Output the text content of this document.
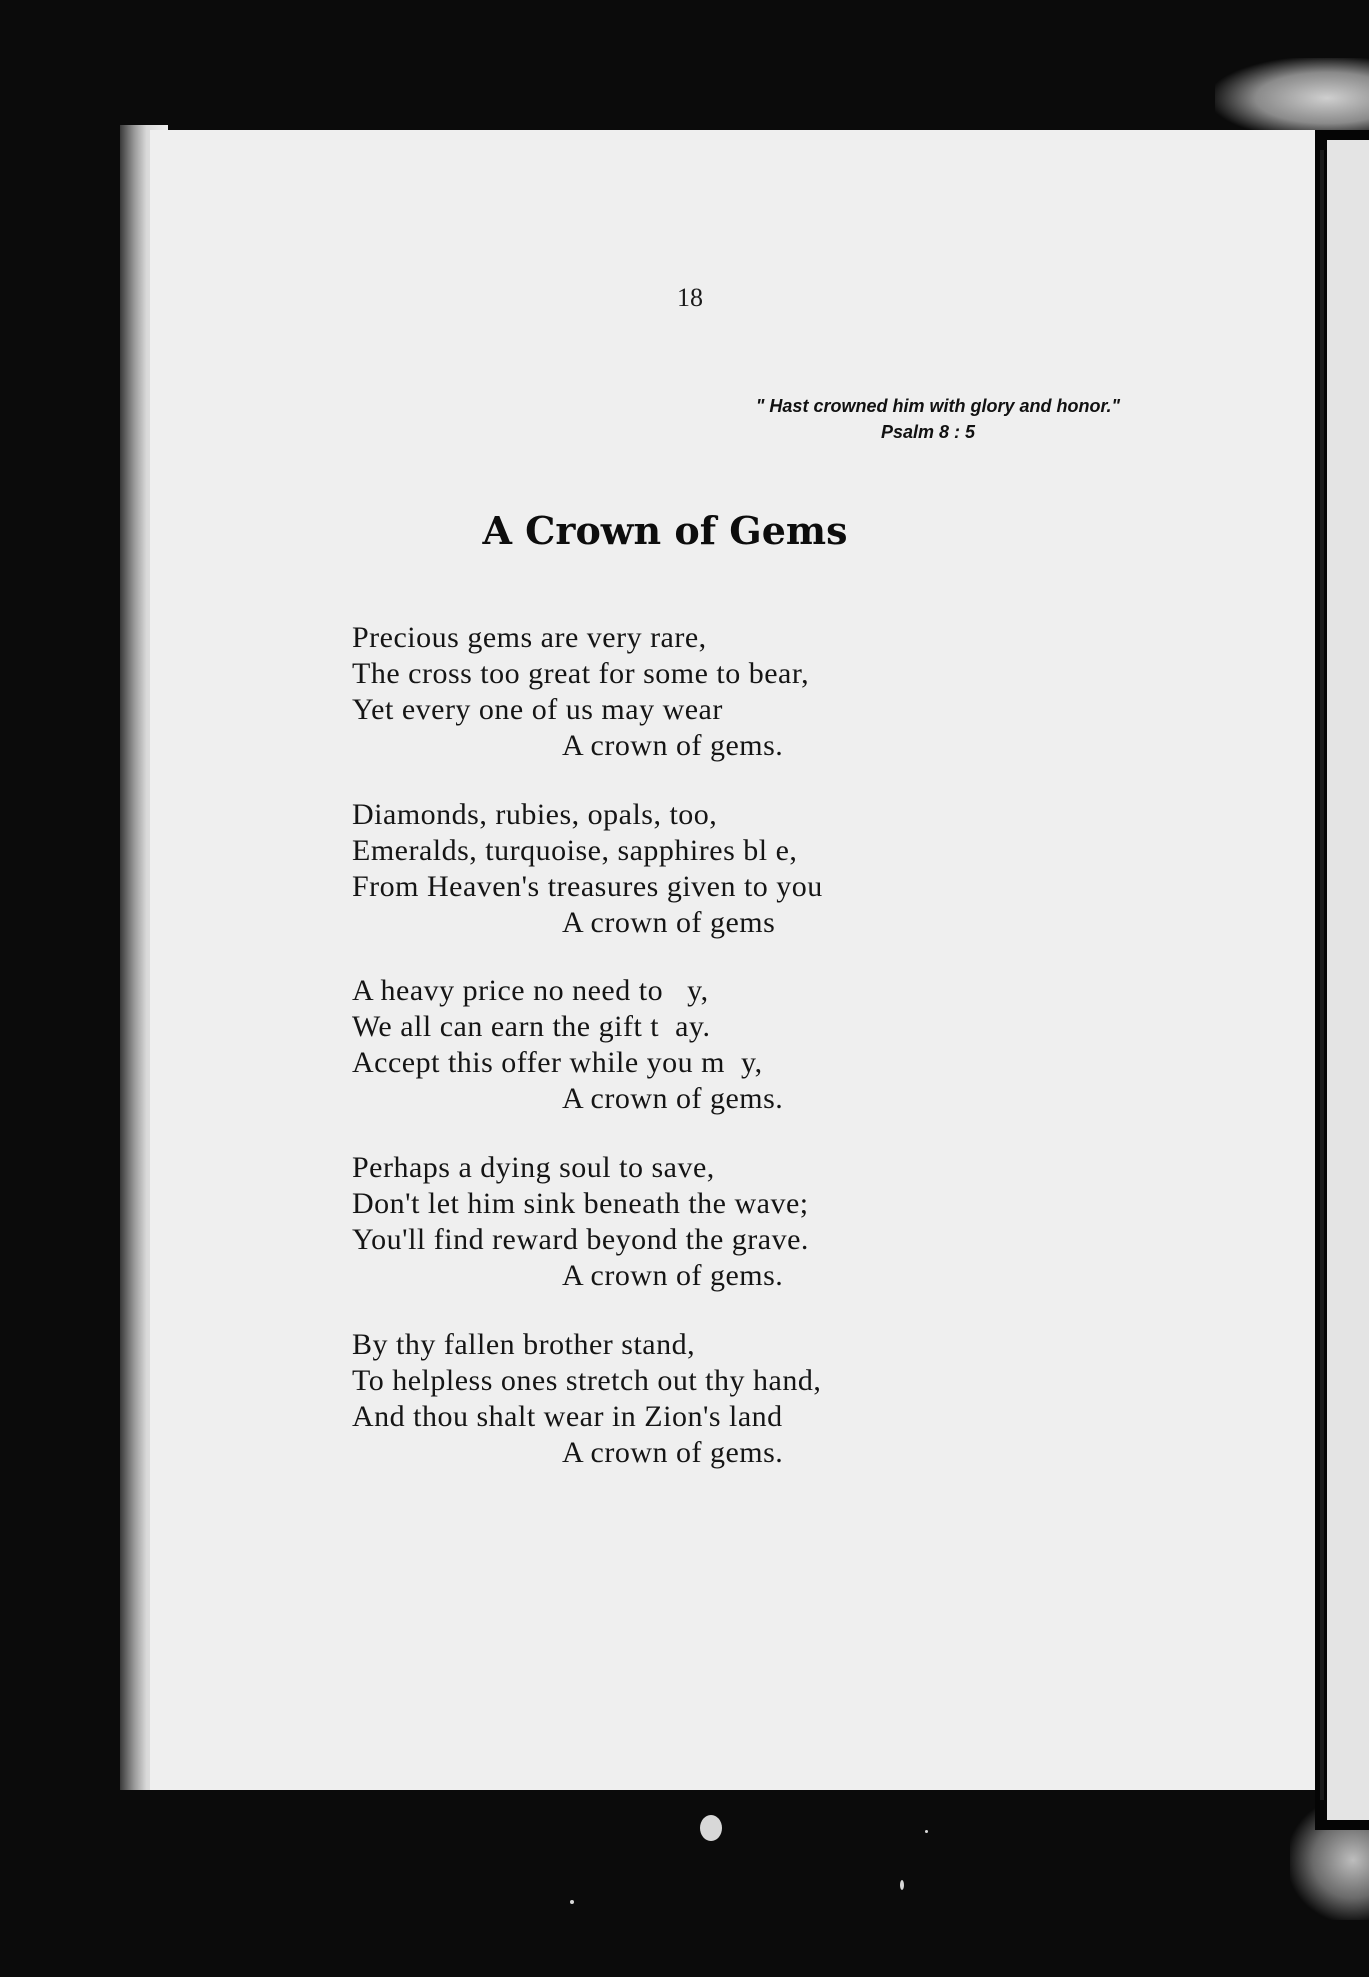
18
" Hast crowned him with glory and honor."
Psalm 8 : 5
A Crown of Gems
Precious gems are very rare,
The cross too great for some to bear,
Yet every one of us may wear
A crown of gems.
Diamonds, rubies, opals, too,
Emeralds, turquoise, sapphires bl e,
From Heaven's treasures given to you
A crown of gems
A heavy price no need to   y,
We all can earn the gift t  ay.
Accept this offer while you m  y,
A crown of gems.
Perhaps a dying soul to save,
Don't let him sink beneath the wave;
You'll find reward beyond the grave.
A crown of gems.
By thy fallen brother stand,
To helpless ones stretch out thy hand,
And thou shalt wear in Zion's land
A crown of gems.
